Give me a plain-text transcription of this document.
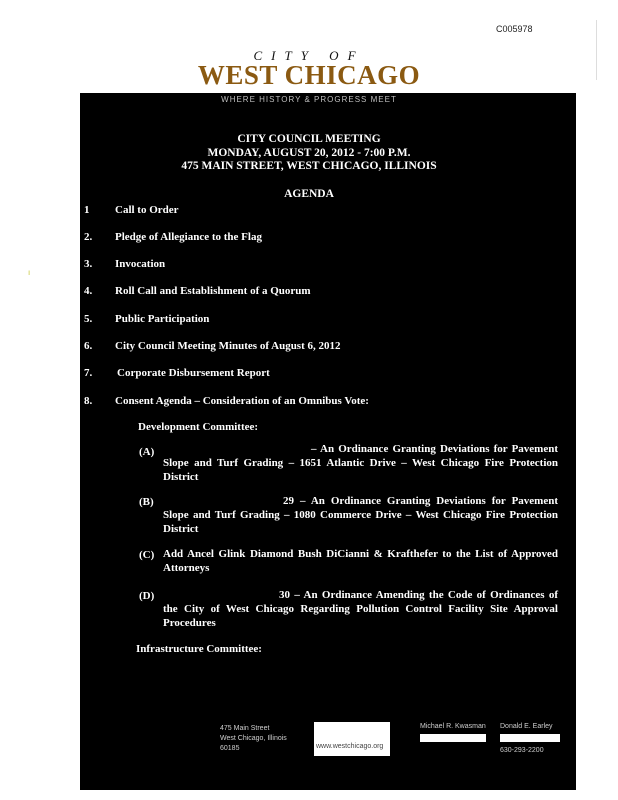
C005978
ı
CITY OF
WEST CHICAGO
WHERE HISTORY & PROGRESS MEET
CITY COUNCIL MEETING
MONDAY, AUGUST 20, 2012 - 7:00 P.M.
475 MAIN STREET, WEST CHICAGO, ILLINOIS
AGENDA
1 Call to Order
2. Pledge of Allegiance to the Flag
3. Invocation
4. Roll Call and Establishment of a Quorum
5. Public Participation
6. City Council Meeting Minutes of August 6, 2012
7. Corporate Disbursement Report
8. Consent Agenda – Consideration of an Omnibus Vote:
Development Committee:
(A)	– An Ordinance Granting Deviations for Pavement Slope and Turf Grading – 1651 Atlantic Drive – West Chicago Fire Protection District
(B)	29 – An Ordinance Granting Deviations for Pavement Slope and Turf Grading – 1080 Commerce Drive – West Chicago Fire Protection District
(C) Add Ancel Glink Diamond Bush DiCianni & Krafthefer to the List of Approved Attorneys
(D)	30 – An Ordinance Amending the Code of Ordinances of the City of West Chicago Regarding Pollution Control Facility Site Approval Procedures
Infrastructure Committee:
475 Main Street
West Chicago, Illinois
60185	www.westchicago.org
Michael R. Kwasman Donald E. Earley
630-293-2200
